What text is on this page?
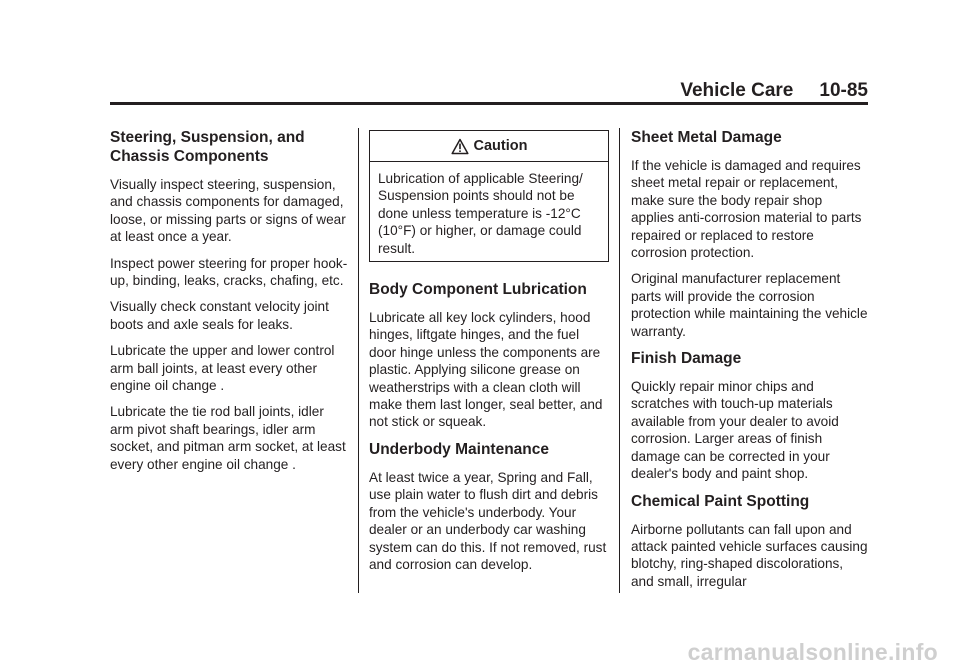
Vehicle Care 10-85
Steering, Suspension, and Chassis Components

Visually inspect steering, suspension, and chassis components for damaged, loose, or missing parts or signs of wear at least once a year.

Inspect power steering for proper hook-up, binding, leaks, cracks, chafing, etc.

Visually check constant velocity joint boots and axle seals for leaks.

Lubricate the upper and lower control arm ball joints, at least every other engine oil change .

Lubricate the tie rod ball joints, idler arm pivot shaft bearings, idler arm socket, and pitman arm socket, at least every other engine oil change .

Caution

Lubrication of applicable Steering/ Suspension points should not be done unless temperature is -12°C (10°F) or higher, or damage could result.

Body Component Lubrication

Lubricate all key lock cylinders, hood hinges, liftgate hinges, and the fuel door hinge unless the components are plastic. Applying silicone grease on weatherstrips with a clean cloth will make them last longer, seal better, and not stick or squeak.

Underbody Maintenance

At least twice a year, Spring and Fall, use plain water to flush dirt and debris from the vehicle's underbody. Your dealer or an underbody car washing system can do this. If not removed, rust and corrosion can develop.

Sheet Metal Damage

If the vehicle is damaged and requires sheet metal repair or replacement, make sure the body repair shop applies anti-corrosion material to parts repaired or replaced to restore corrosion protection.

Original manufacturer replacement parts will provide the corrosion protection while maintaining the vehicle warranty.

Finish Damage

Quickly repair minor chips and scratches with touch-up materials available from your dealer to avoid corrosion. Larger areas of finish damage can be corrected in your dealer's body and paint shop.

Chemical Paint Spotting

Airborne pollutants can fall upon and attack painted vehicle surfaces causing blotchy, ring-shaped discolorations, and small, irregular

carmanualsonline.info
